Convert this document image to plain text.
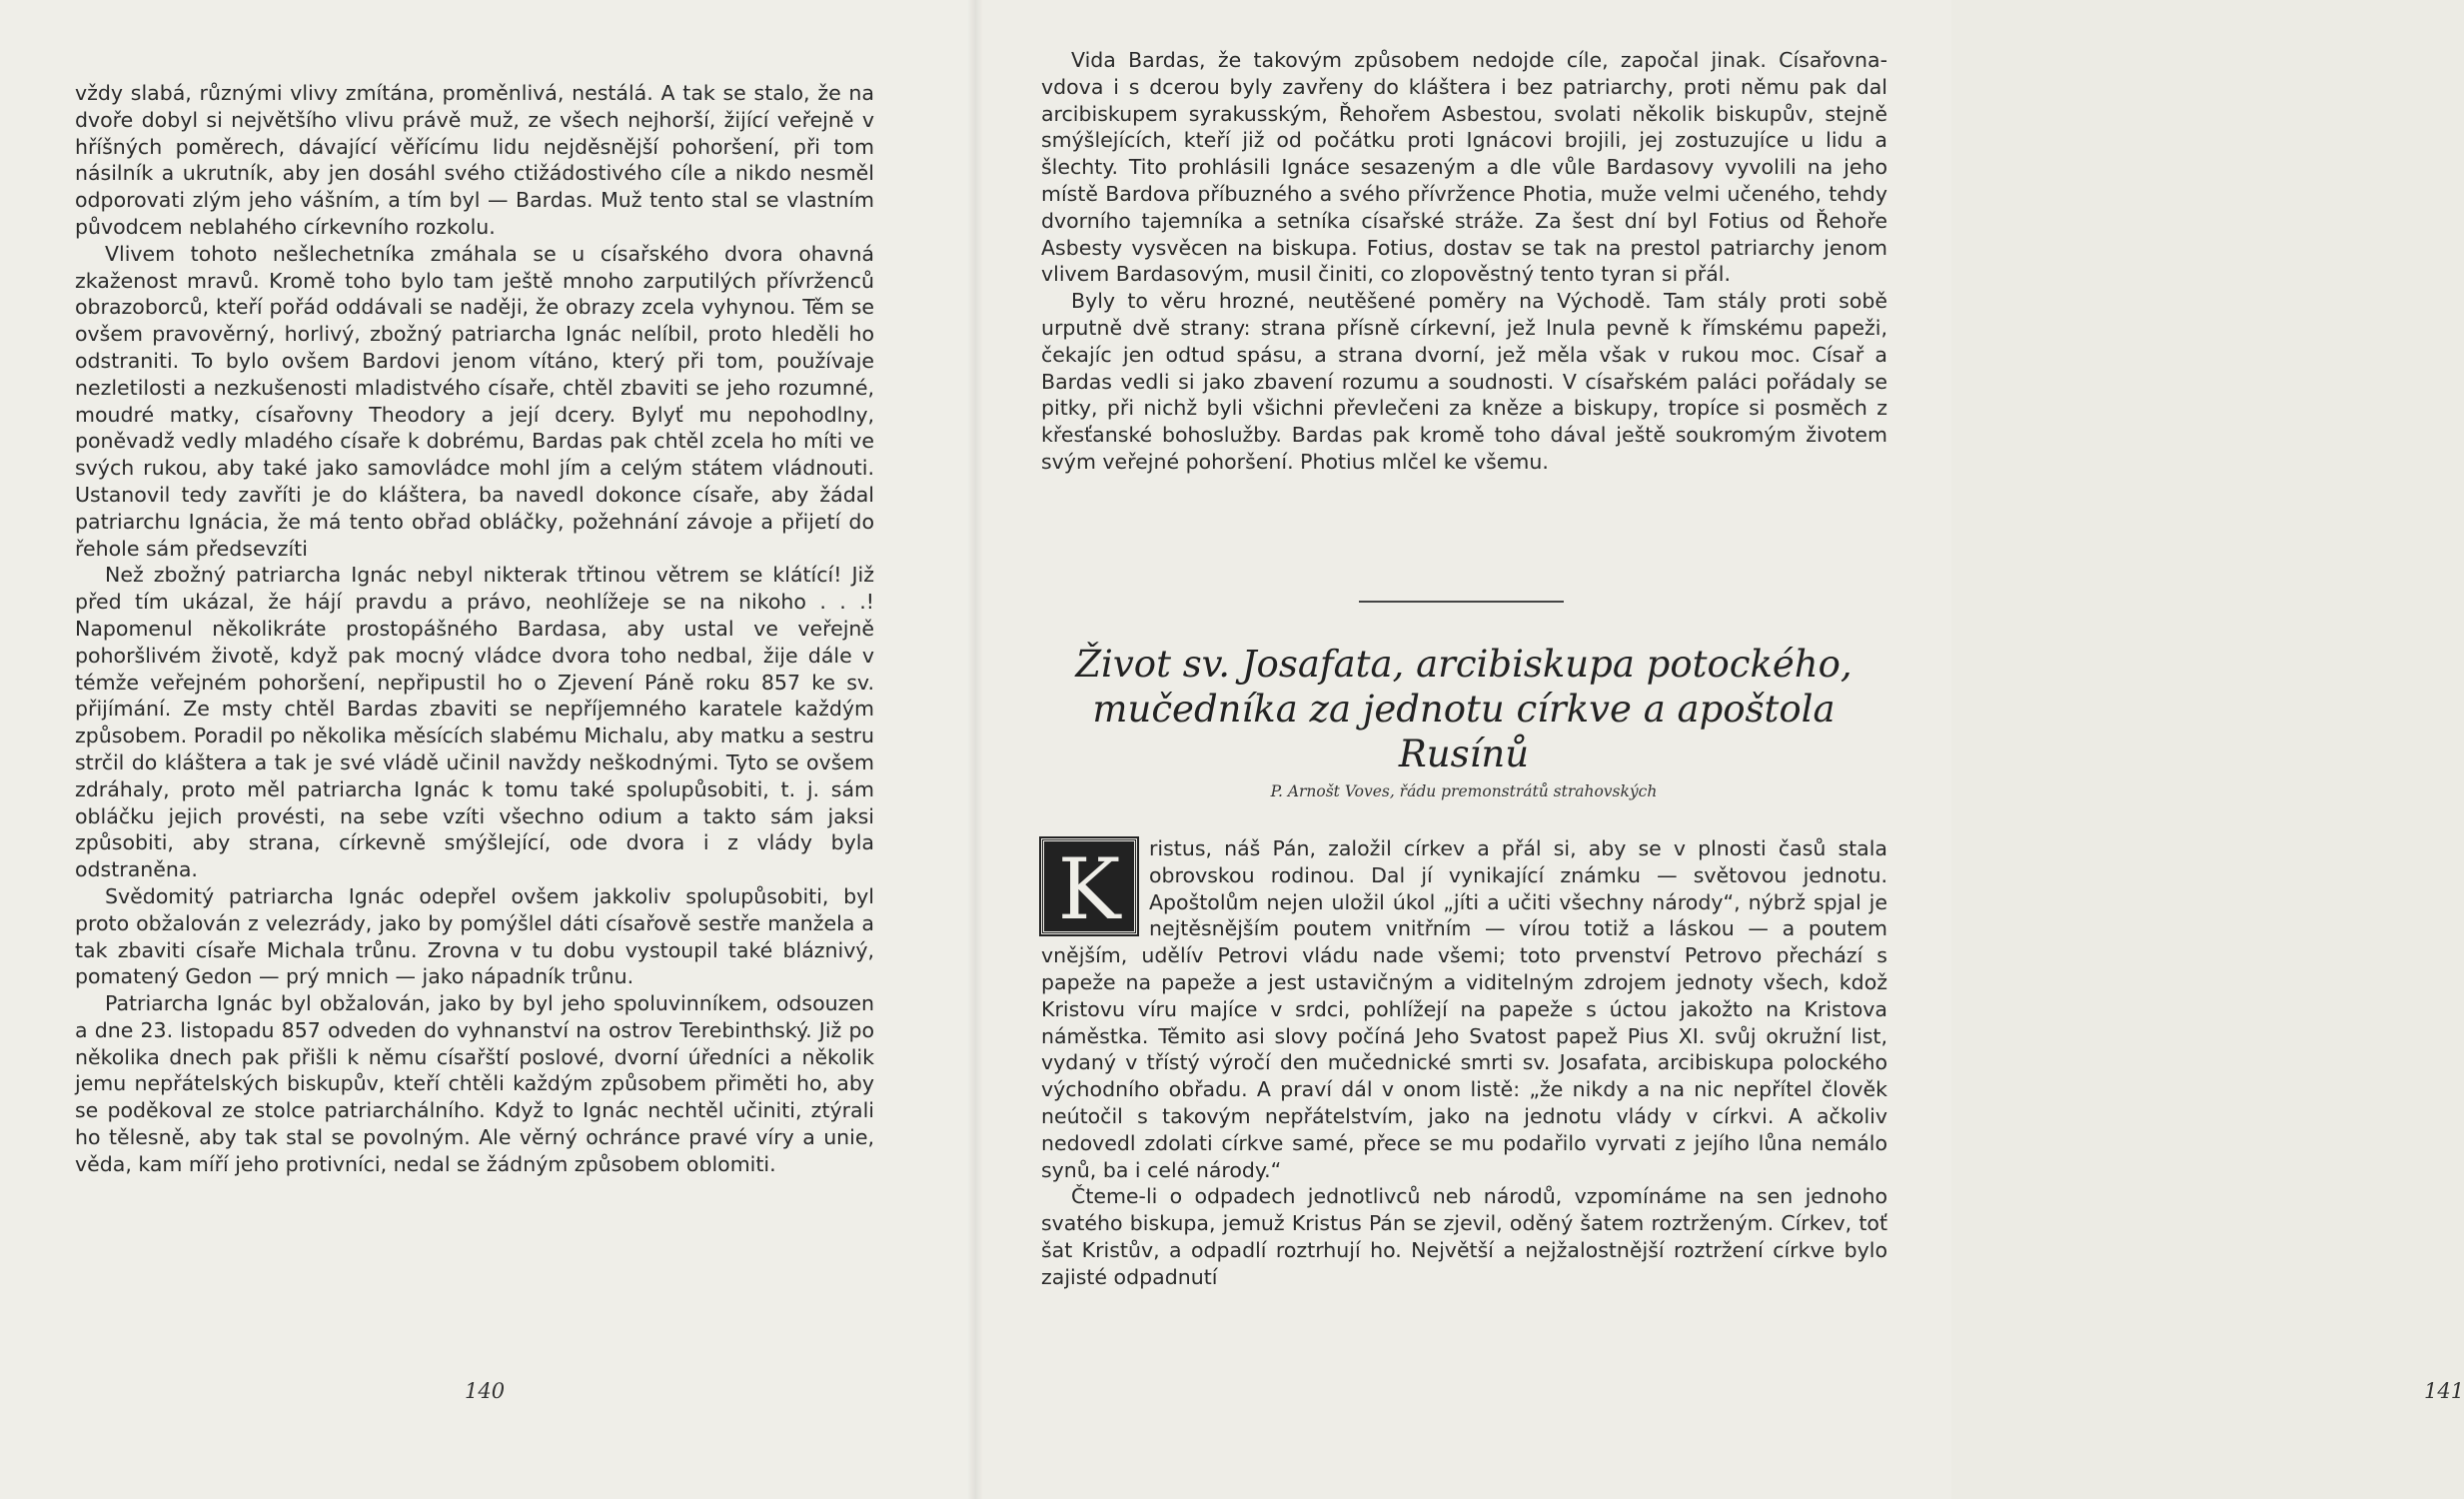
vždy slabá, různými vlivy zmítána, proměnlivá, nestálá. A tak se stalo, že na dvoře dobyl si největšího vlivu právě muž, ze všech nejhorší, žijící veřejně v hříšných poměrech, dávající věřícímu lidu nejděsnější pohoršení, při tom násilník a ukrutník, aby jen dosáhl svého ctižádostivého cíle a nikdo nesměl odporovati zlým jeho vášním, a tím byl — Bardas. Muž tento stal se vlastním původcem neblahého církevního rozkolu.

Vlivem tohoto nešlechetníka zmáhala se u císařského dvora ohavná zkaženost mravů. Kromě toho bylo tam ještě mnoho zarputilých přívrženců obrazoborců, kteří pořád oddávali se naději, že obrazy zcela vyhynou. Těm se ovšem pravověrný, horlivý, zbožný patriarcha Ignác nelíbil, proto hleděli ho odstraniti. To bylo ovšem Bardovi jenom vítáno, který při tom, používaje nezletilosti a nezkušenosti mladistvého císaře, chtěl zbaviti se jeho rozumné, moudré matky, císařovny Theodory a její dcery. Bylyť mu nepohodlny, poněvadž vedly mladého císaře k dobrému, Bardas pak chtěl zcela ho míti ve svých rukou, aby také jako samovládce mohl jím a celým státem vládnouti. Ustanovil tedy zavříti je do kláštera, ba navedl dokonce císaře, aby žádal patriarchu Ignácia, že má tento obřad obláčky, požehnání závoje a přijetí do řehole sám předsevzíti

Než zbožný patriarcha Ignác nebyl nikterak třtinou větrem se klátící! Již před tím ukázal, že hájí pravdu a právo, neohlížeje se na nikoho . . .! Napomenul několikráte prostopášného Bardasa, aby ustal ve veřejně pohoršlivém životě, když pak mocný vládce dvora toho nedbal, žije dále v témže veřejném pohoršení, nepřipustil ho o Zjevení Páně roku 857 ke sv. přijímání. Ze msty chtěl Bardas zbaviti se nepříjemného karatele každým způsobem. Poradil po několika měsících slabému Michalu, aby matku a sestru strčil do kláštera a tak je své vládě učinil navždy neškodnými. Tyto se ovšem zdráhaly, proto měl patriarcha Ignác k tomu také spolupůsobiti, t. j. sám obláčku jejich provésti, na sebe vzíti všechno odium a takto sám jaksi způsobiti, aby strana, církevně smýšlející, ode dvora i z vlády byla odstraněna.

Svědomitý patriarcha Ignác odepřel ovšem jakkoliv spolupůsobiti, byl proto obžalován z velezrády, jako by pomýšlel dáti císařově sestře manžela a tak zbaviti císaře Michala trůnu. Zrovna v tu dobu vystoupil také bláznivý, pomatený Gedon — prý mnich — jako nápadník trůnu.

Patriarcha Ignác byl obžalován, jako by byl jeho spoluvinníkem, odsouzen a dne 23. listopadu 857 odveden do vyhnanství na ostrov Terebinthský. Již po několika dnech pak přišli k němu císařští poslové, dvorní úředníci a několik jemu nepřátelských biskupův, kteří chtěli každým způsobem přiměti ho, aby se poděkoval ze stolce patriarchálního. Když to Ignác nechtěl učiniti, ztýrali ho tělesně, aby tak stal se povolným. Ale věrný ochránce pravé víry a unie, věda, kam míří jeho protivníci, nedal se žádným způsobem oblomiti.

140	141

Vida Bardas, že takovým způsobem nedojde cíle, započal jinak. Císařovna-vdova i s dcerou byly zavřeny do kláštera i bez patriarchy, proti němu pak dal arcibiskupem syrakusským, Řehořem Asbestou, svolati několik biskupův, stejně smýšlejících, kteří již od počátku proti Ignácovi brojili, jej zostuzujíce u lidu a šlechty. Tito prohlásili Ignáce sesazeným a dle vůle Bardasovy vyvolili na jeho místě Bardova příbuzného a svého přívržence Photia, muže velmi učeného, tehdy dvorního tajemníka a setníka císařské stráže. Za šest dní byl Fotius od Řehoře Asbesty vysvěcen na biskupa. Fotius, dostav se tak na prestol patriarchy jenom vlivem Bardasovým, musil činiti, co zlopověstný tento tyran si přál.

Byly to věru hrozné, neutěšené poměry na Východě. Tam stály proti sobě urputně dvě strany: strana přísně církevní, jež lnula pevně k římskému papeži, čekajíc jen odtud spásu, a strana dvorní, jež měla však v rukou moc. Císař a Bardas vedli si jako zbavení rozumu a soudnosti. V císařském paláci pořádaly se pitky, při nichž byli všichni převlečeni za kněze a biskupy, tropíce si posměch z křesťanské bohoslužby. Bardas pak kromě toho dával ještě soukromým životem svým veřejné pohoršení. Photius mlčel ke všemu.

Život sv. Josafata, arcibiskupa potockého, mučedníka za jednotu církve a apoštola Rusínů
P. Arnošt Voves, řádu premonstrátů strahovských

K	ristus, náš Pán, založil církev a přál si, aby se v plnosti časů stala obrovskou rodinou. Dal jí vynikající známku — světovou jednotu. Apoštolům nejen uložil úkol „jíti a učiti všechny národy“, nýbrž spjal je nejtěsnějším poutem vnitřním — vírou totiž a láskou — a poutem vnějším, udělív Petrovi vládu nade všemi; toto prvenství Petrovo přechází s papeže na papeže a jest ustavičným a viditelným zdrojem jednoty všech, kdož Kristovu víru majíce v srdci, pohlížejí na papeže s úctou jakožto na Kristova náměstka. Těmito asi slovy počíná Jeho Svatost papež Pius XI. svůj okružní list, vydaný v třístý výročí den mučednické smrti sv. Josafata, arcibiskupa polockého východního obřadu. A praví dál v onom listě: „že nikdy a na nic nepřítel člověk neútočil s takovým nepřátelstvím, jako na jednotu vlády v církvi. A ačkoliv nedovedl zdolati církve samé, přece se mu podařilo vyrvati z jejího lůna nemálo synů, ba i celé národy.“

Čteme-li o odpadech jednotlivců neb národů, vzpomínáme na sen jednoho svatého biskupa, jemuž Kristus Pán se zjevil, oděný šatem roztrženým. Církev, toť šat Kristův, a odpadlí roztrhují ho. Největší a nejžalostnější roztržení církve bylo zajisté odpadnutí
